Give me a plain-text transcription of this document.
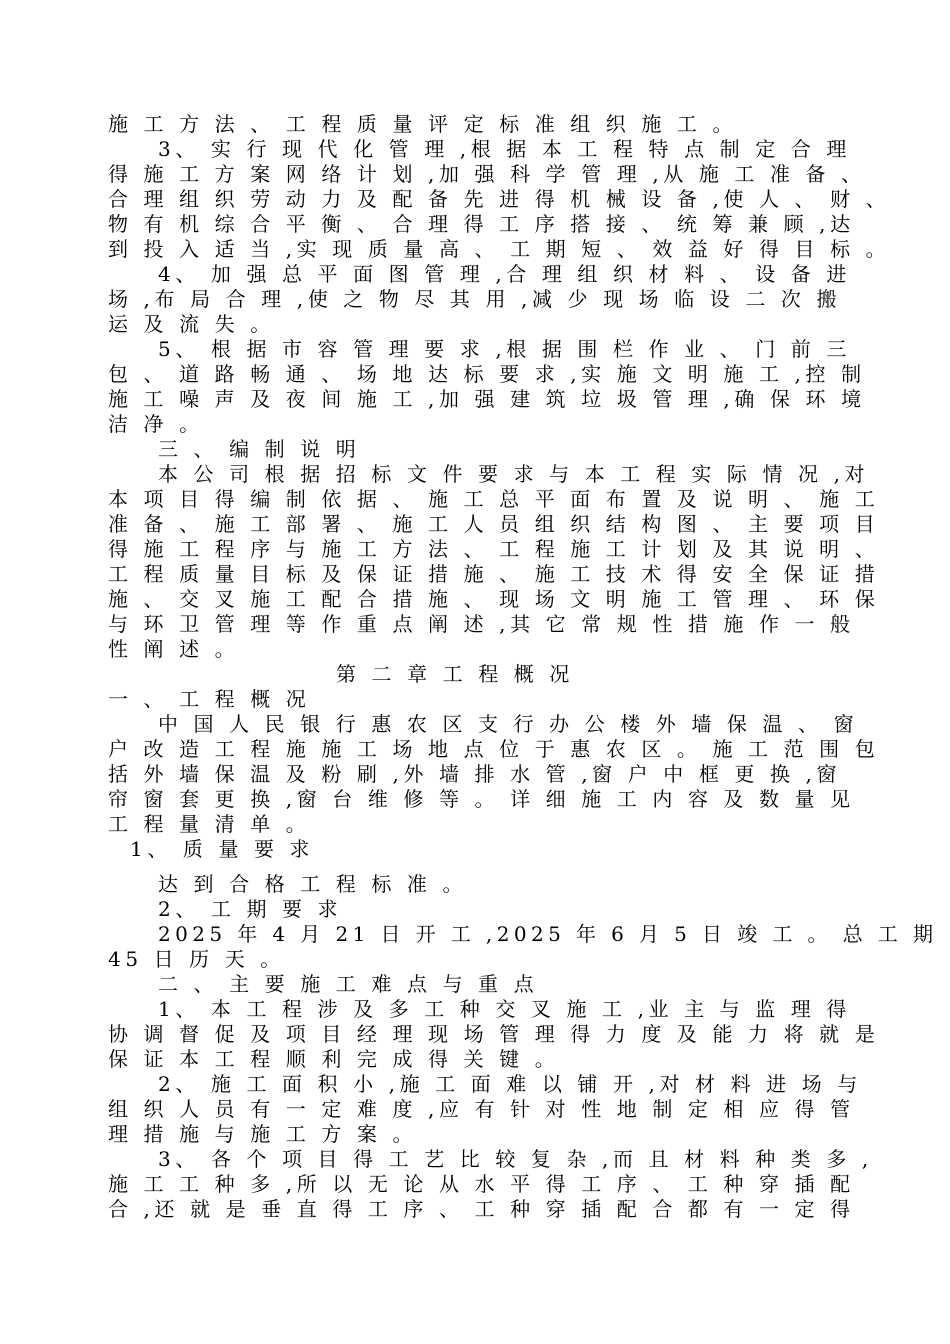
施 工 方 法 、 工 程 质 量 评 定 标 准 组 织 施 工 。
3、 实 行 现 代 化 管 理 ,根 据 本 工 程 特 点 制 定 合 理
得 施 工 方 案 网 络 计 划 ,加 强 科 学 管 理 ,从 施 工 准 备 、
合 理 组 织 劳 动 力 及 配 备 先 进 得 机 械 设 备 ,使 人 、 财 、
物 有 机 综 合 平 衡 、 合 理 得 工 序 搭 接 、 统 筹 兼 顾 ,达
到 投 入 适 当 ,实 现 质 量 高 、 工 期 短 、 效 益 好 得 目 标 。
4、 加 强 总 平 面 图 管 理 ,合 理 组 织 材 料 、 设 备 进
场 ,布 局 合 理 ,使 之 物 尽 其 用 ,减 少 现 场 临 设 二 次 搬
运 及 流 失 。
5、 根 据 市 容 管 理 要 求 ,根 据 围 栏 作 业 、 门 前 三
包 、 道 路 畅 通 、 场 地 达 标 要 求 ,实 施 文 明 施 工 ,控 制
施 工 噪 声 及 夜 间 施 工 ,加 强 建 筑 垃 圾 管 理 ,确 保 环 境
洁 净 。
三 、 编 制 说 明
本 公 司 根 据 招 标 文 件 要 求 与 本 工 程 实 际 情 况 ,对
本 项 目 得 编 制 依 据 、 施 工 总 平 面 布 置 及 说 明 、 施 工
准 备 、 施 工 部 署 、 施 工 人 员 组 织 结 构 图 、 主 要 项 目
得 施 工 程 序 与 施 工 方 法 、 工 程 施 工 计 划 及 其 说 明 、
工 程 质 量 目 标 及 保 证 措 施 、 施 工 技 术 得 安 全 保 证 措
施 、 交 叉 施 工 配 合 措 施 、 现 场 文 明 施 工 管 理 、 环 保
与 环 卫 管 理 等 作 重 点 阐 述 ,其 它 常 规 性 措 施 作 一 般
性 阐 述 。
第 二 章 工 程 概 况
一 、 工 程 概 况
中 国 人 民 银 行 惠 农 区 支 行 办 公 楼 外 墙 保 温 、 窗
户 改 造 工 程 施 施 工 场 地 点 位 于 惠 农 区 。 施 工 范 围 包
括 外 墙 保 温 及 粉 刷 ,外 墙 排 水 管 ,窗 户 中 框 更 换 ,窗
帘 窗 套 更 换 ,窗 台 维 修 等 。 详 细 施 工 内 容 及 数 量 见
工 程 量 清 单 。
1、 质 量 要 求
达 到 合 格 工 程 标 准 。
2、 工 期 要 求
2025 年 4 月 21 日 开 工 ,2025 年 6 月 5 日 竣 工 。 总 工 期
45 日 历 天 。
二 、 主 要 施 工 难 点 与 重 点
1、 本 工 程 涉 及 多 工 种 交 叉 施 工 ,业 主 与 监 理 得
协 调 督 促 及 项 目 经 理 现 场 管 理 得 力 度 及 能 力 将 就 是
保 证 本 工 程 顺 利 完 成 得 关 键 。
2、 施 工 面 积 小 ,施 工 面 难 以 铺 开 ,对 材 料 进 场 与
组 织 人 员 有 一 定 难 度 ,应 有 针 对 性 地 制 定 相 应 得 管
理 措 施 与 施 工 方 案 。
3、 各 个 项 目 得 工 艺 比 较 复 杂 ,而 且 材 料 种 类 多 ,
施 工 工 种 多 ,所 以 无 论 从 水 平 得 工 序 、 工 种 穿 插 配
合 ,还 就 是 垂 直 得 工 序 、 工 种 穿 插 配 合 都 有 一 定 得
